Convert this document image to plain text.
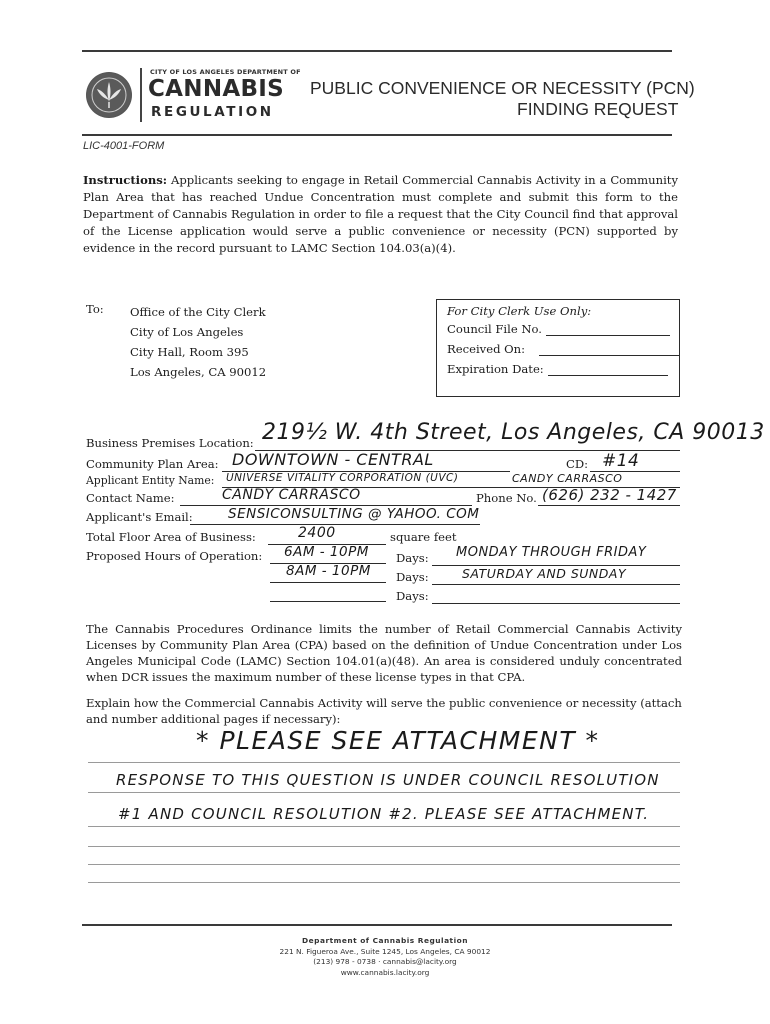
CITY OF LOS ANGELES DEPARTMENT OF
CANNABIS
REGULATION
PUBLIC CONVENIENCE OR NECESSITY (PCN)
FINDING REQUEST
LIC-4001-FORM
Instructions: Applicants seeking to engage in Retail Commercial Cannabis Activity in a Community Plan Area that has reached Undue Concentration must complete and submit this form to the Department of Cannabis Regulation in order to file a request that the City Council find that approval of the License application would serve a public convenience or necessity (PCN) supported by evidence in the record pursuant to LAMC Section 104.03(a)(4).
To: Office of the City Clerk
City of Los Angeles
City Hall, Room 395
Los Angeles, CA 90012
For City Clerk Use Only:
Council File No.
Received On:
Expiration Date:
Business Premises Location: 219½ W. 4th Street, Los Angeles, CA 90013
Community Plan Area: DOWNTOWN - CENTRAL	CD: #14
Applicant Entity Name: UNIVERSE VITALITY CORPORATION (UVC)	CANDY CARRASCO
Contact Name:	CANDY CARRASCO	Phone No. (626) 232 - 1427
Applicant's Email:	SENSICONSULTING @ YAHOO. COM
Total Floor Area of Business:	2400	square feet
Proposed Hours of Operation: 6AM - 10PM Days: MONDAY THROUGH FRIDAY
8AM - 10PM Days:	SATURDAY AND SUNDAY
Days:
The Cannabis Procedures Ordinance limits the number of Retail Commercial Cannabis Activity Licenses by Community Plan Area (CPA) based on the definition of Undue Concentration under Los Angeles Municipal Code (LAMC) Section 104.01(a)(48). An area is considered unduly concentrated when DCR issues the maximum number of these license types in that CPA.
Explain how the Commercial Cannabis Activity will serve the public convenience or necessity (attach and number additional pages if necessary):
* PLEASE SEE ATTACHMENT *
RESPONSE TO THIS QUESTION IS UNDER COUNCIL RESOLUTION
#1 AND COUNCIL RESOLUTION #2. PLEASE SEE ATTACHMENT.
Department of Cannabis Regulation
221 N. Figueroa Ave., Suite 1245, Los Angeles, CA 90012
(213) 978 - 0738 · cannabis@lacity.org
www.cannabis.lacity.org
